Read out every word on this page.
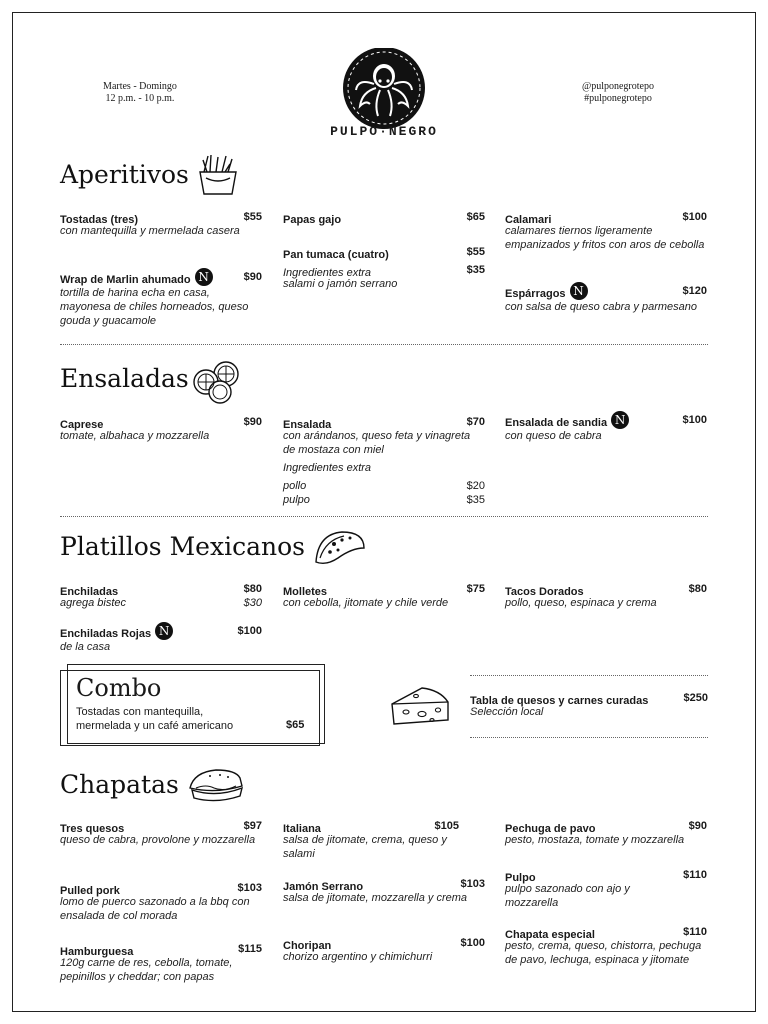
Martes - Domingo
12 p.m. - 10 p.m.
@pulponegrotepo
#pulponegrotepo
PULPO·NEGRO
Aperitivos
Tostadas (tres)	$55
con mantequilla y mermelada casera
Wrap de Marlin ahumado N	$90
tortilla de harina echa en casa, mayonesa de chiles horneados, queso gouda y guacamole
Papas gajo	$65
Pan tumaca (cuatro)	$55
Ingredientes extra	$35
salami o jamón serrano
Calamari	$100
calamares tiernos ligeramente empanizados y fritos con aros de cebolla
Espárragos N	$120
con salsa de queso cabra y parmesano
Ensaladas
Caprese	$90
tomate, albahaca y mozzarella
Ensalada	$70
con arándanos, queso feta y vinagreta de mostaza con miel
Ingredientes extra
pollo	$20
pulpo	$35
Ensalada de sandia N	$100
con queso de cabra
Platillos Mexicanos
Enchiladas	$80
agrega bistec	$30
Enchiladas Rojas N	$100
de la casa
Molletes	$75
con cebolla, jitomate y chile verde
Tacos Dorados	$80
pollo, queso, espinaca y crema
Combo
Tostadas con mantequilla,
mermelada y un café americano	$65
Tabla de quesos y carnes curadas	$250
Selección local
Chapatas
Tres quesos	$97
queso de cabra, provolone y mozzarella
Pulled pork	$103
lomo de puerco sazonado a la bbq con ensalada de col morada
Hamburguesa	$115
120g carne de res, cebolla, tomate, pepinillos y cheddar; con papas
Italiana	$105
salsa de jitomate, crema, queso y salami
Jamón Serrano	$103
salsa de jitomate, mozzarella y crema
Choripan	$100
chorizo argentino y chimichurri
Pechuga de pavo	$90
pesto, mostaza, tomate y mozzarella
Pulpo	$110
pulpo sazonado con ajo y mozzarella
Chapata especial	$110
pesto, crema, queso, chistorra, pechuga de pavo, lechuga, espinaca y jitomate
